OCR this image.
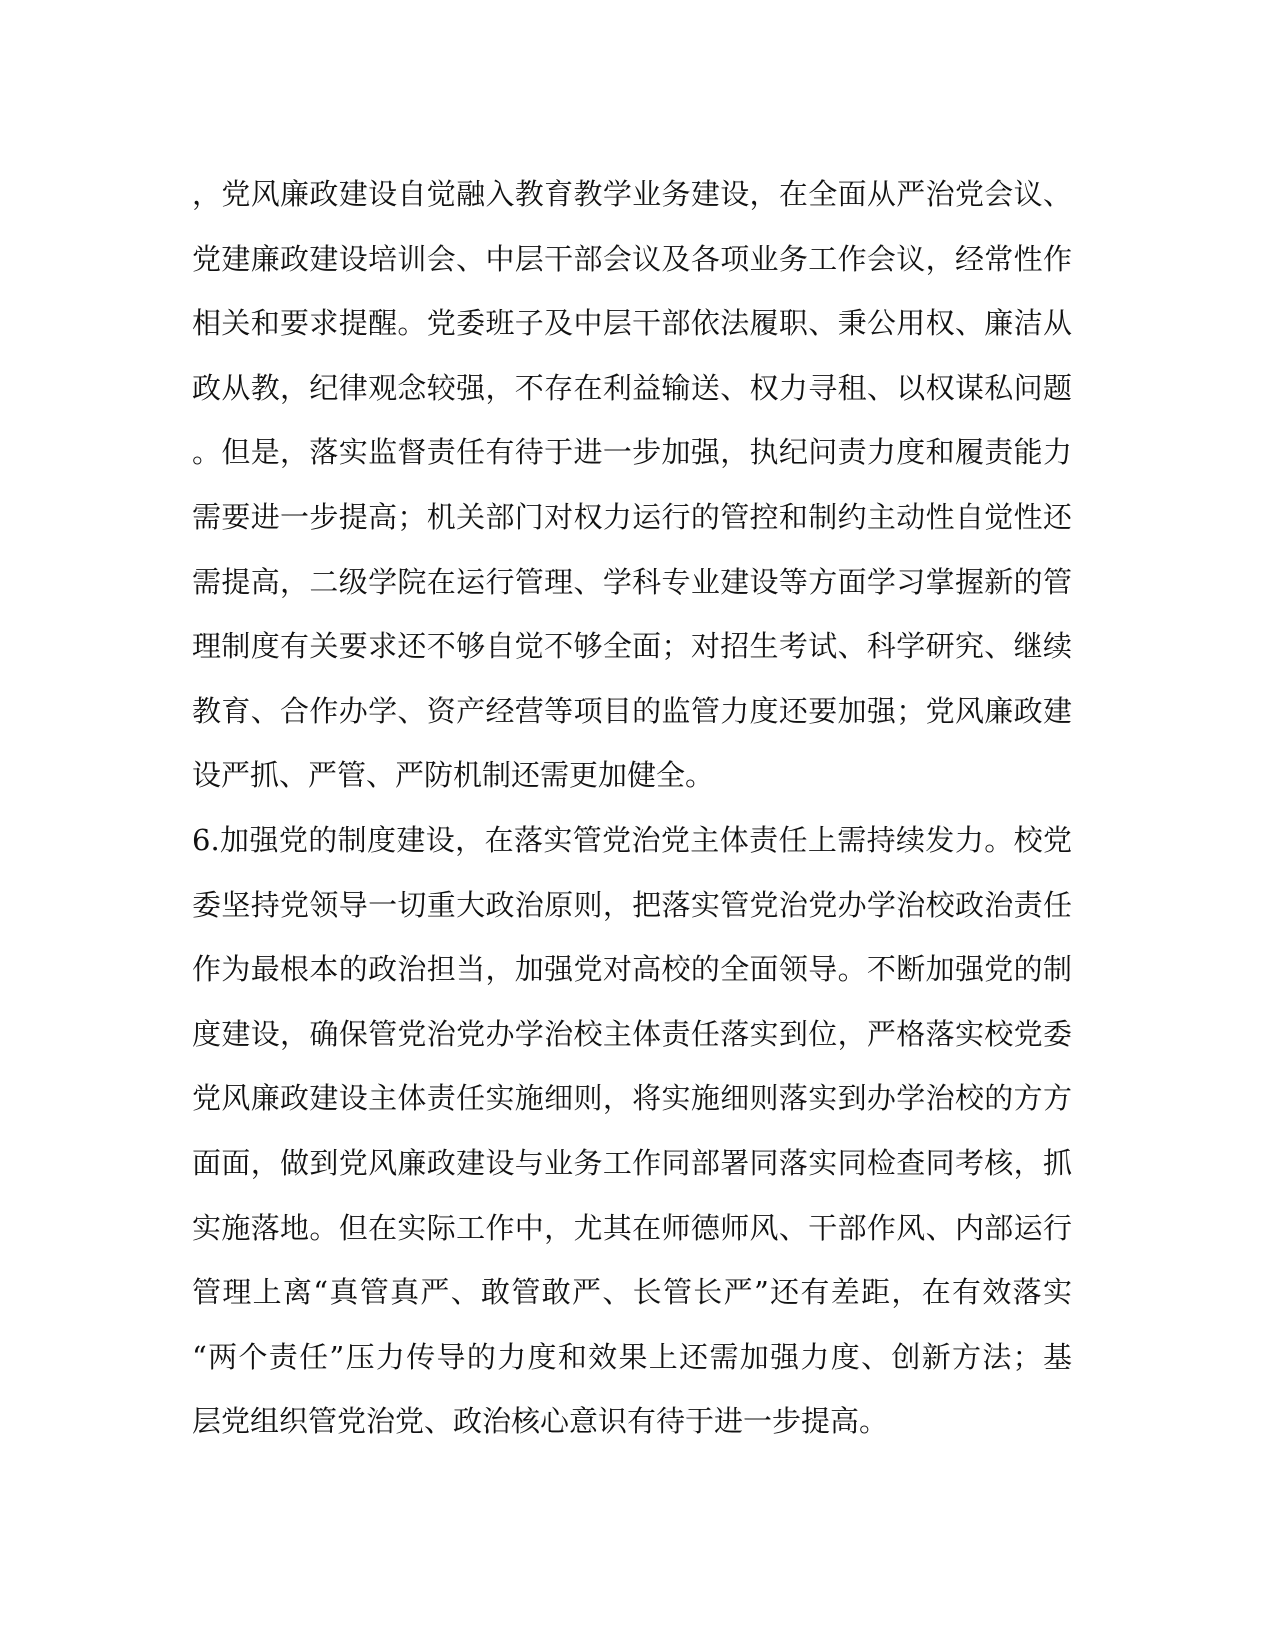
，党风廉政建设自觉融入教育教学业务建设，在全面从严治党会议、
党建廉政建设培训会、中层干部会议及各项业务工作会议，经常性作
相关和要求提醒。党委班子及中层干部依法履职、秉公用权、廉洁从
政从教，纪律观念较强，不存在利益输送、权力寻租、以权谋私问题
。但是，落实监督责任有待于进一步加强，执纪问责力度和履责能力
需要进一步提高；机关部门对权力运行的管控和制约主动性自觉性还
需提高，二级学院在运行管理、学科专业建设等方面学习掌握新的管
理制度有关要求还不够自觉不够全面；对招生考试、科学研究、继续
教育、合作办学、资产经营等项目的监管力度还要加强；党风廉政建
设严抓、严管、严防机制还需更加健全。
6.加强党的制度建设，在落实管党治党主体责任上需持续发力。校党
委坚持党领导一切重大政治原则，把落实管党治党办学治校政治责任
作为最根本的政治担当，加强党对高校的全面领导。不断加强党的制
度建设，确保管党治党办学治校主体责任落实到位，严格落实校党委
党风廉政建设主体责任实施细则，将实施细则落实到办学治校的方方
面面，做到党风廉政建设与业务工作同部署同落实同检查同考核，抓
实施落地。但在实际工作中，尤其在师德师风、干部作风、内部运行
管理上离“真管真严、敢管敢严、长管长严”还有差距，在有效落实
“两个责任”压力传导的力度和效果上还需加强力度、创新方法；基
层党组织管党治党、政治核心意识有待于进一步提高。
